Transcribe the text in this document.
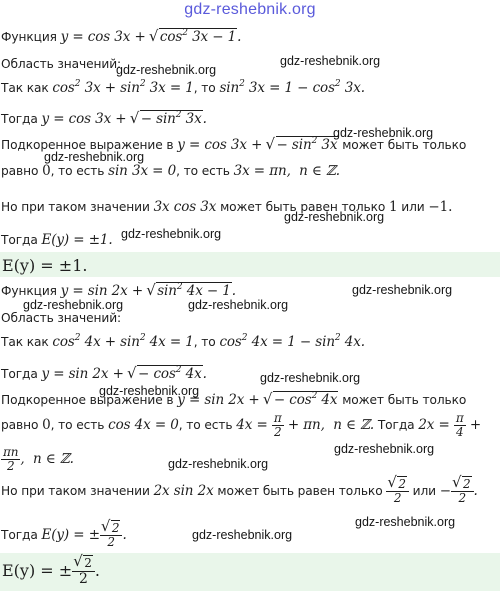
gdz-reshebnik.org
Функция y = cos 3x + √ $\cos^2 3x - 1$.
Область значений:
Так как $\cos^2 3x + \sin^2 3x = 1$, то $\sin^2 3x = 1 - \cos^2 3x$.
Тогда y = cos 3x + √ − $\sin^2 3x$.
Подкоренное выражение в y = cos 3x + √ − $\sin^2 3x$ может быть только
равно 0, то есть sin 3x = 0, то есть 3x = πn,  n ∈ ℤ.
Но при таком значении 3x cos 3x может быть равен только 1 или −1.
Тогда E(y) = ±1.
E(y) = ±1.
Функция y = sin 2x + √ $\sin^2 4x - 1$.
Область значений:
Так как $\cos^2 4x + \sin^2 4x = 1$, то $\cos^2 4x = 1 - \sin^2 4x$.
Тогда y = sin 2x + √ − $\cos^2 4x$.
Подкоренное выражение в y = sin 2x + √ − $\cos^2 4x$ может быть только
равно 0, то есть cos 4x = 0, то есть $4x = \frac{\pi}{2} + \pi n$,  n ∈ ℤ. Тогда $2x = \frac{\pi}{4}$ +
$\frac{\pi n}{2}$ ,  n ∈ ℤ.
Но при таком значении 2x sin 2x может быть равен только √ $\frac{2}{2}$ или − √ $\frac{2}{2}$ .
Тогда E(y) = ± √ $\frac{2}{2}$ .
E(y) = ± √ $\frac{2}{2}$ .
gdz-reshebnik.org
gdz-reshebnik.org
gdz-reshebnik.org
gdz-reshebnik.org
gdz-reshebnik.org
gdz-reshebnik.org
gdz-reshebnik.org
gdz-reshebnik.org	gdz-reshebnik.org
gdz-reshebnik.org
gdz-reshebnik.org
gdz-reshebnik.org
gdz-reshebnik.org
gdz-reshebnik.org
gdz-reshebnik.org
